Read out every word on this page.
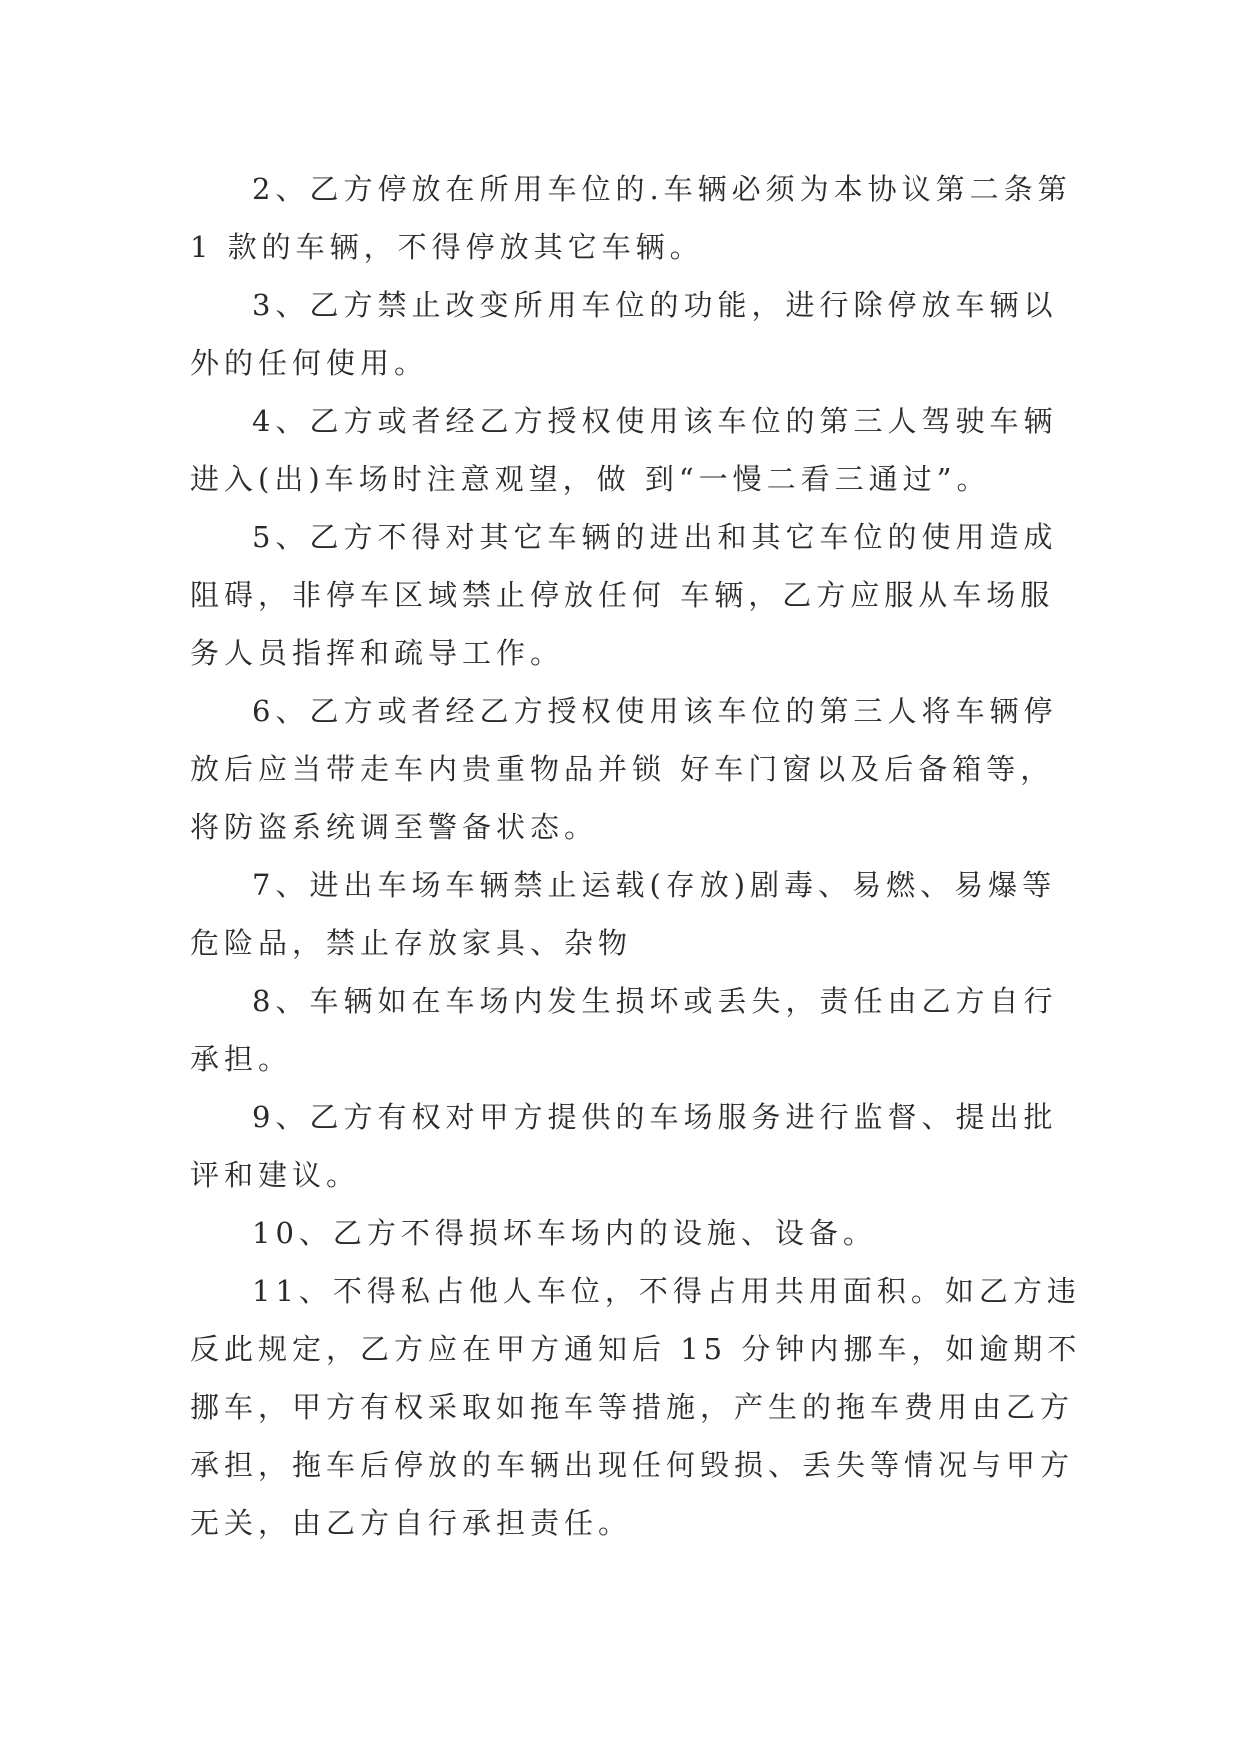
2、乙方停放在所用车位的.车辆必须为本协议第二条第
1 款的车辆，不得停放其它车辆。

3、乙方禁止改变所用车位的功能，进行除停放车辆以
外的任何使用。

4、乙方或者经乙方授权使用该车位的第三人驾驶车辆
进入(出)车场时注意观望，做 到“一慢二看三通过”。

5、乙方不得对其它车辆的进出和其它车位的使用造成
阻碍，非停车区域禁止停放任何 车辆，乙方应服从车场服
务人员指挥和疏导工作。

6、乙方或者经乙方授权使用该车位的第三人将车辆停
放后应当带走车内贵重物品并锁 好车门窗以及后备箱等，
将防盗系统调至警备状态。

7、进出车场车辆禁止运载(存放)剧毒、易燃、易爆等
危险品，禁止存放家具、杂物

8、车辆如在车场内发生损坏或丢失，责任由乙方自行
承担。

9、乙方有权对甲方提供的车场服务进行监督、提出批
评和建议。

10、乙方不得损坏车场内的设施、设备。

11、不得私占他人车位，不得占用共用面积。如乙方违
反此规定，乙方应在甲方通知后 15 分钟内挪车，如逾期不
挪车，甲方有权采取如拖车等措施，产生的拖车费用由乙方
承担，拖车后停放的车辆出现任何毁损、丢失等情况与甲方
无关，由乙方自行承担责任。
